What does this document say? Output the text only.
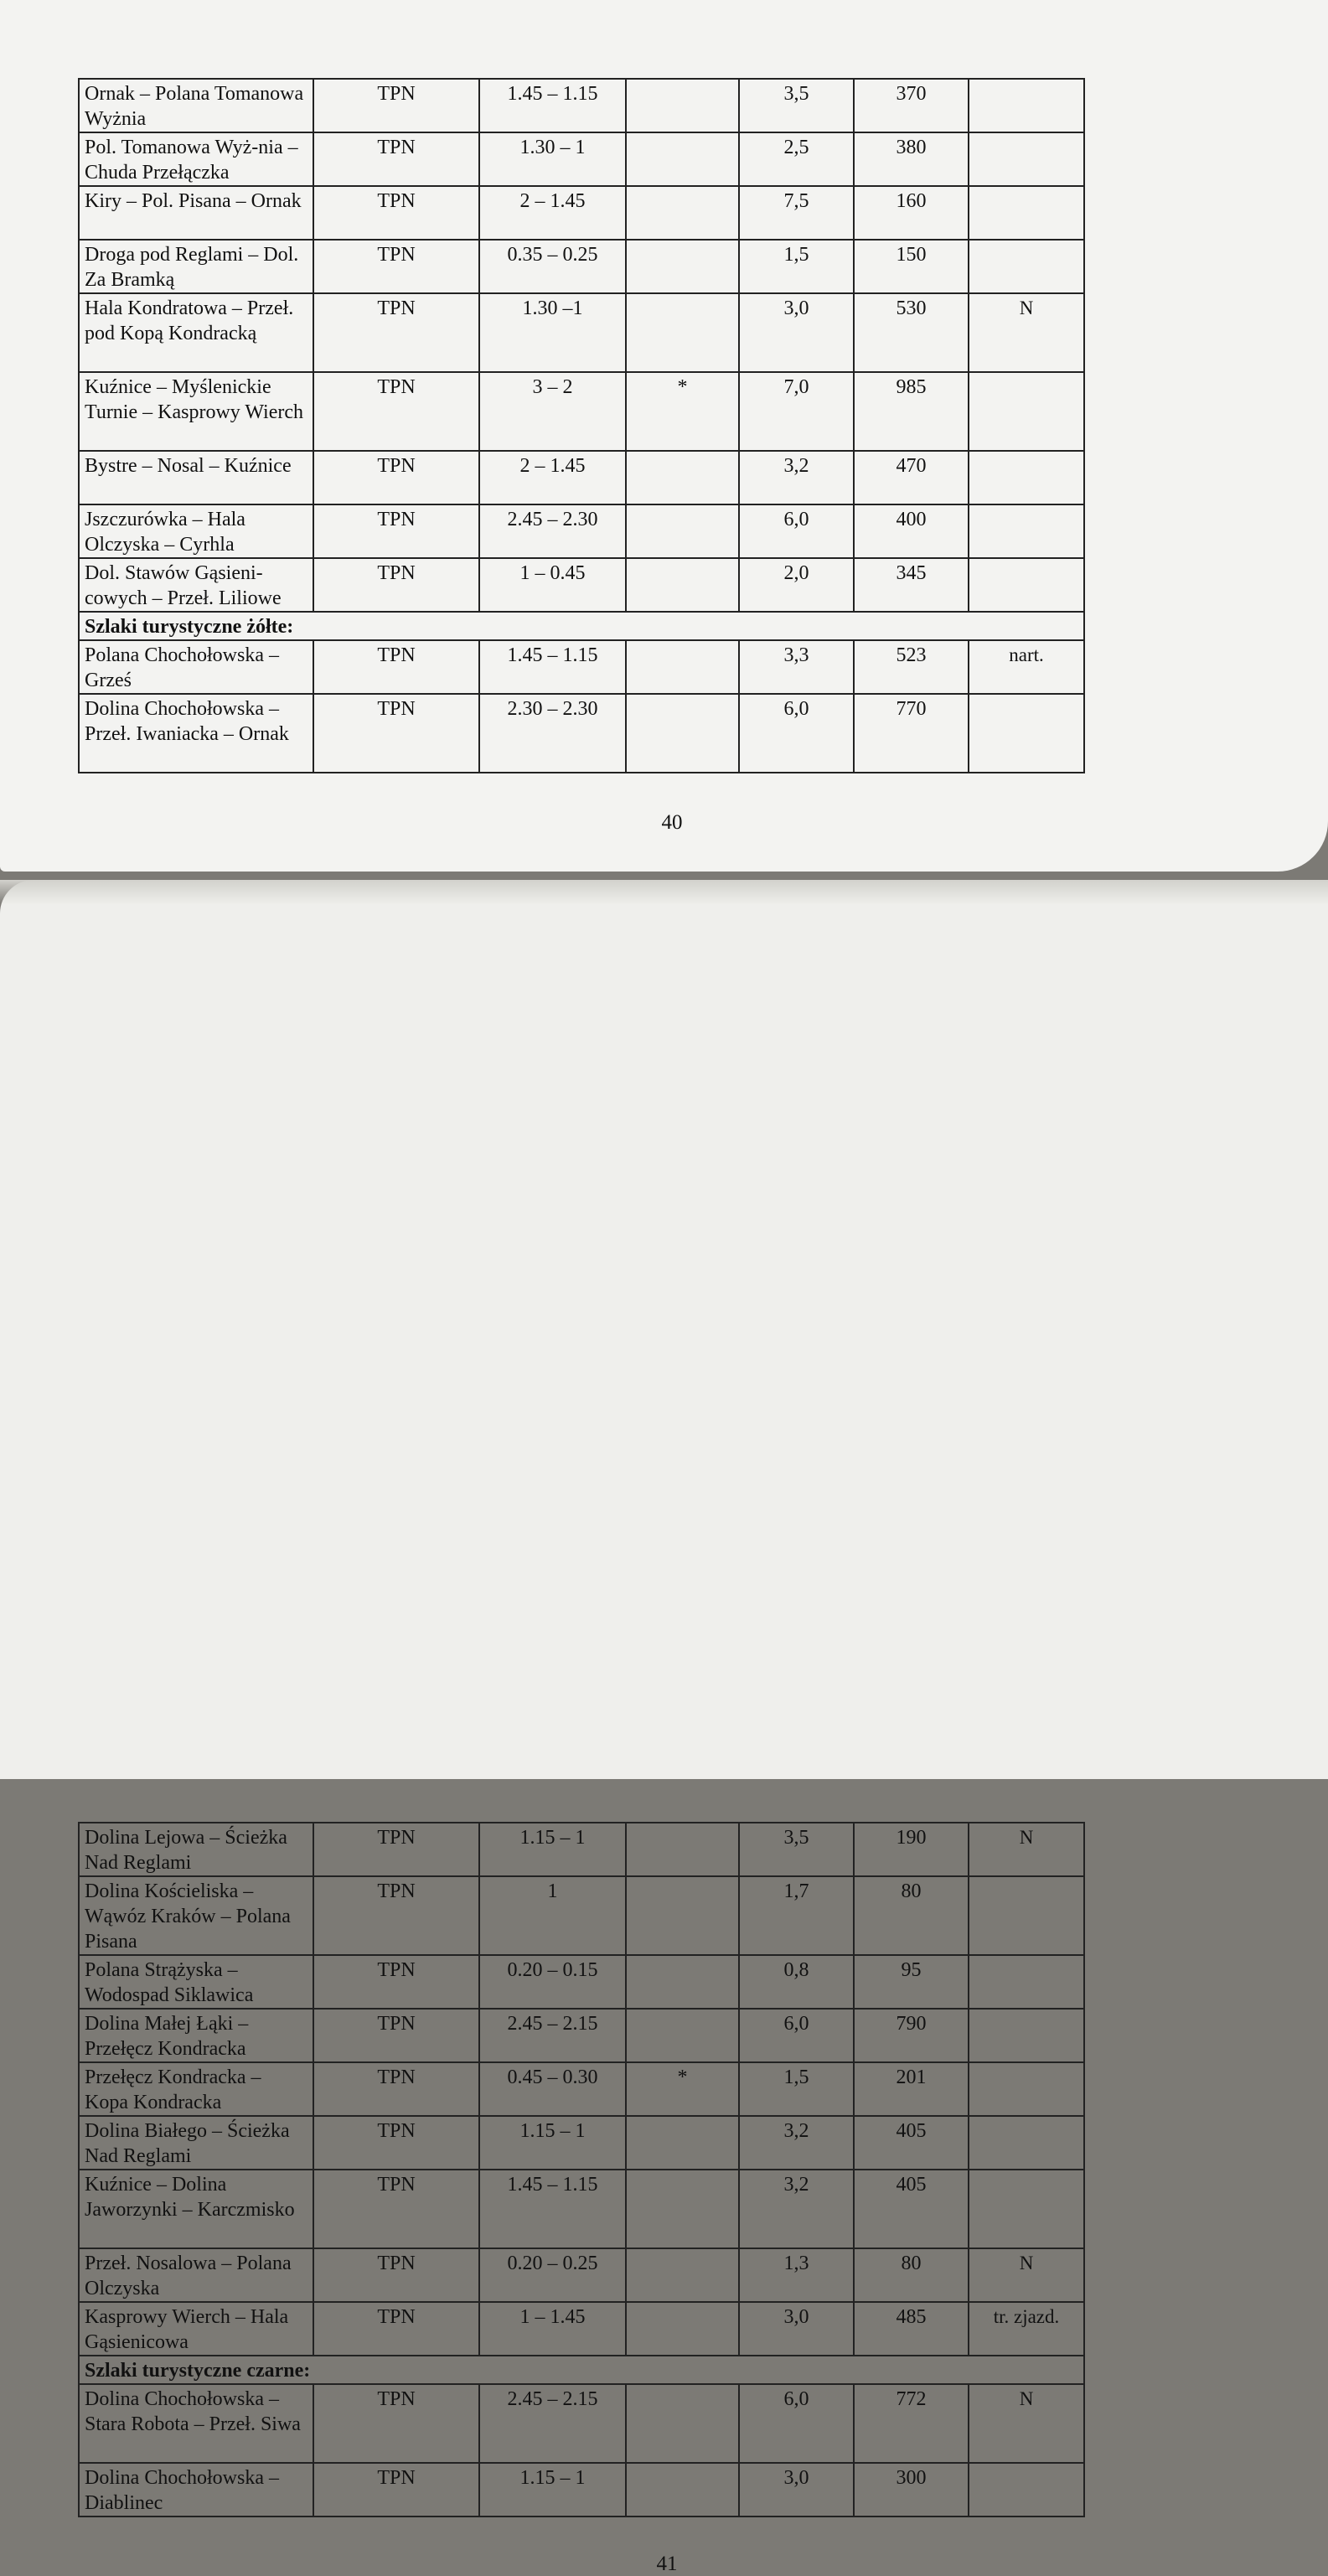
Ornak – Polana Tomanowa Wyżnia	TPN	1.45 – 1.15		3,5	370	
Pol. Tomanowa Wyż-nia – Chuda Przełączka	TPN	1.30 – 1		2,5	380	
Kiry – Pol. Pisana – Ornak	TPN	2 – 1.45		7,5	160	
Droga pod Reglami – Dol. Za Bramką	TPN	0.35 – 0.25		1,5	150	
Hala Kondratowa – Przeł. pod Kopą Kondracką	TPN	1.30 –1		3,0	530	N
Kuźnice – Myślenickie Turnie – Kasprowy Wierch	TPN	3 – 2	*	7,0	985	
Bystre – Nosal – Kuźnice	TPN	2 – 1.45		3,2	470	
Jszczurówka – Hala Olczyska – Cyrhla	TPN	2.45 – 2.30		6,0	400	
Dol. Stawów Gąsieni-cowych – Przeł. Liliowe	TPN	1 – 0.45		2,0	345	
Szlaki turystyczne żółte:						
Polana Chochołowska – Grześ	TPN	1.45 – 1.15		3,3	523	nart.
Dolina Chochołowska – Przeł. Iwaniacka – Ornak	TPN	2.30 – 2.30		6,0	770	
40
Dolina Lejowa – Ścieżka Nad Reglami	TPN	1.15 – 1		3,5	190	N
Dolina Kościeliska – Wąwóz Kraków – Polana Pisana	TPN	1		1,7	80	
Polana Strążyska – Wodospad Siklawica	TPN	0.20 – 0.15		0,8	95	
Dolina Małej Łąki – Przełęcz Kondracka	TPN	2.45 – 2.15		6,0	790	
Przełęcz Kondracka – Kopa Kondracka	TPN	0.45 – 0.30	*	1,5	201	
Dolina Białego – Ścieżka Nad Reglami	TPN	1.15 – 1		3,2	405	
Kuźnice – Dolina Jaworzynki – Karczmisko	TPN	1.45 – 1.15		3,2	405	
Przeł. Nosalowa – Polana Olczyska	TPN	0.20 – 0.25		1,3	80	N
Kasprowy Wierch – Hala Gąsienicowa	TPN	1 – 1.45		3,0	485	tr. zjazd.
Szlaki turystyczne czarne:						
Dolina Chochołowska – Stara Robota – Przeł. Siwa	TPN	2.45 – 2.15		6,0	772	N
Dolina Chochołowska – Diablinec	TPN	1.15 – 1		3,0	300	
41
